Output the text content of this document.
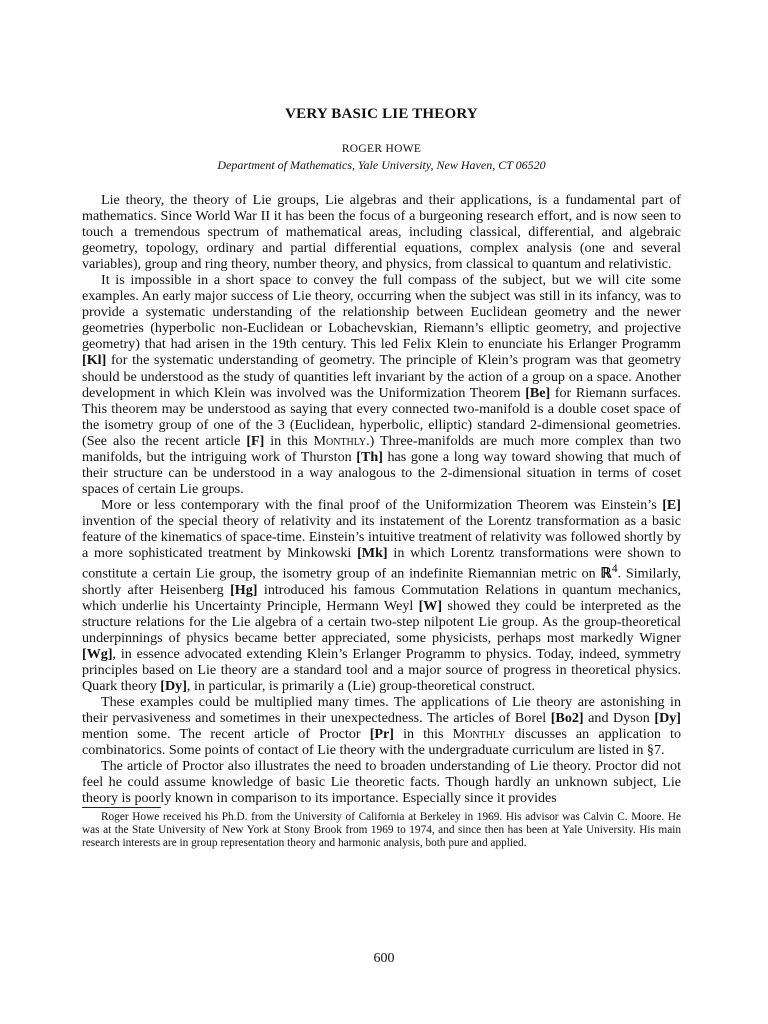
VERY BASIC LIE THEORY
ROGER HOWE
Department of Mathematics, Yale University, New Haven, CT 06520

Lie theory, the theory of Lie groups, Lie algebras and their applications, is a fundamental part of mathematics. Since World War II it has been the focus of a burgeoning research effort, and is now seen to touch a tremendous spectrum of mathematical areas, including classical, differential, and algebraic geometry, topology, ordinary and partial differential equations, complex analysis (one and several variables), group and ring theory, number theory, and physics, from classical to quantum and relativistic.

It is impossible in a short space to convey the full compass of the subject, but we will cite some examples. An early major success of Lie theory, occurring when the subject was still in its infancy, was to provide a systematic understanding of the relationship between Euclidean geometry and the newer geometries (hyperbolic non-Euclidean or Lobachevskian, Riemann’s elliptic geometry, and projective geometry) that had arisen in the 19th century. This led Felix Klein to enunciate his Erlanger Programm [Kl] for the systematic understanding of geometry. The principle of Klein’s program was that geometry should be understood as the study of quantities left invariant by the action of a group on a space. Another development in which Klein was involved was the Uniformization Theorem [Be] for Riemann surfaces. This theorem may be understood as saying that every connected two-manifold is a double coset space of the isometry group of one of the 3 (Euclidean, hyperbolic, elliptic) standard 2-dimensional geometries. (See also the recent article [F] in this Monthly.) Three-manifolds are much more complex than two manifolds, but the intriguing work of Thurston [Th] has gone a long way toward showing that much of their structure can be understood in a way analogous to the 2-dimensional situation in terms of coset spaces of certain Lie groups.

More or less contemporary with the final proof of the Uniformization Theorem was Einstein’s [E] invention of the special theory of relativity and its instatement of the Lorentz transformation as a basic feature of the kinematics of space-time. Einstein’s intuitive treatment of relativity was followed shortly by a more sophisticated treatment by Minkowski [Mk] in which Lorentz transformations were shown to constitute a certain Lie group, the isometry group of an indefinite Riemannian metric on ℝ$^4$. Similarly, shortly after Heisenberg [Hg] introduced his famous Commutation Relations in quantum mechanics, which underlie his Uncertainty Principle, Hermann Weyl [W] showed they could be interpreted as the structure relations for the Lie algebra of a certain two-step nilpotent Lie group. As the group-theoretical underpinnings of physics became better appreciated, some physicists, perhaps most markedly Wigner [Wg], in essence advocated extending Klein’s Erlanger Programm to physics. Today, indeed, symmetry principles based on Lie theory are a standard tool and a major source of progress in theoretical physics. Quark theory [Dy], in particular, is primarily a (Lie) group-theoretical construct.

These examples could be multiplied many times. The applications of Lie theory are astonishing in their pervasiveness and sometimes in their unexpectedness. The articles of Borel [Bo2] and Dyson [Dy] mention some. The recent article of Proctor [Pr] in this Monthly discusses an application to combinatorics. Some points of contact of Lie theory with the undergraduate curriculum are listed in §7.

The article of Proctor also illustrates the need to broaden understanding of Lie theory. Proctor did not feel he could assume knowledge of basic Lie theoretic facts. Though hardly an unknown subject, Lie theory is poorly known in comparison to its importance. Especially since it provides

Roger Howe received his Ph.D. from the University of California at Berkeley in 1969. His advisor was Calvin C. Moore. He was at the State University of New York at Stony Brook from 1969 to 1974, and since then has been at Yale University. His main research interests are in group representation theory and harmonic analysis, both pure and applied.
600
